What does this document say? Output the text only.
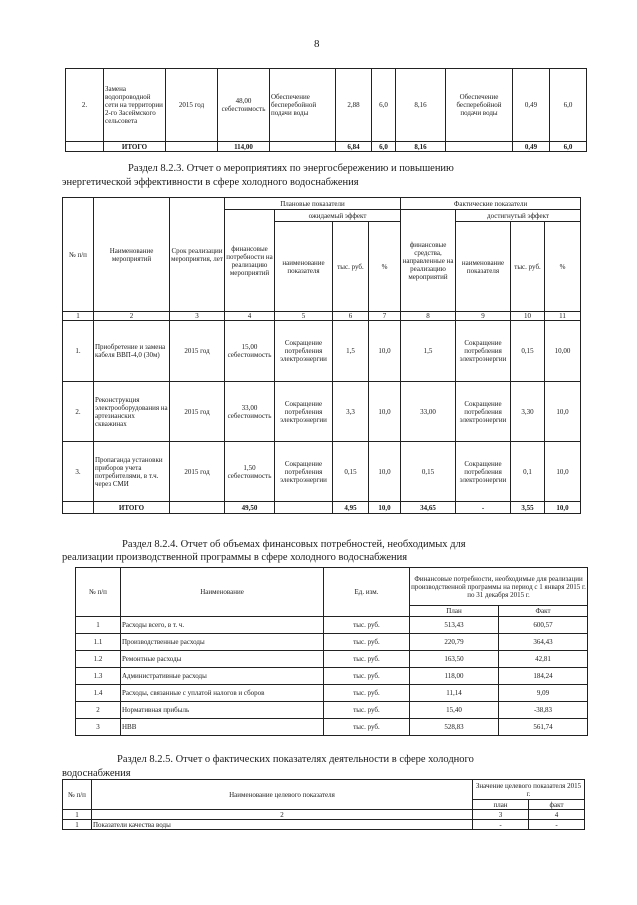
8
2.	Замена водопроводной сети на территории 2-го Засеймского сельсовета	2015 год	48,00 себестоимость	Обеспечение бесперебойной подачи воды	2,88	6,0	8,16	Обеспечение бесперебойной подачи воды	0,49	6,0
	ИТОГО		114,00		6,84	6,0	8,16		0,49	6,0
Раздел 8.2.3. Отчет о мероприятиях по энергосбережению и повышению
энергетической эффективности в сфере холодного водоснабжения
№ п/п	Наименование мероприятий	Срок реализации мероприятия, лет	Плановые показатели				Фактические показатели			
			финансовые потребности на реализацию мероприятий	ожидаемый эффект			финансовые средства, направленные на реализацию мероприятий	достигнутый эффект		
				наименование показателя	тыс. руб.	%		наименование показателя	тыс. руб.	%
1	2	3	4	5	6	7	8	9	10	11
1.	Приобретение и замена кабеля ВВП-4,0 (30м)	2015 год	15,00 себестоимость	Сокращение потребления электроэнергии	1,5	10,0	1,5	Сокращение потребления электроэнергии	0,15	10,00
2.	Реконструкция электрооборудования на артезианских скважинах	2015 год	33,00 себестоимость	Сокращение потребления электроэнергии	3,3	10,0	33,00	Сокращение потребления электроэнергии	3,30	10,0
3.	Пропаганда установки приборов учета потребителями, в т.ч. через СМИ	2015 год	1,50 себестоимость	Сокращение потребления электроэнергии	0,15	10,0	0,15	Сокращение потребления электроэнергии	0,1	10,0
	ИТОГО		49,50		4,95	10,0	34,65	-	3,55	10,0
Раздел 8.2.4. Отчет об объемах финансовых потребностей, необходимых для
реализации производственной программы в сфере холодного водоснабжения
№ п/п	Наименование	Ед. изм.	Финансовые потребности, необходимые для реализации производственной программы на период с 1 января 2015 г. по 31 декабря 2015 г.	
			План	Факт
1	Расходы всего, в т. ч.	тыс. руб.	513,43	600,57
1.1	Производственные расходы	тыс. руб.	220,79	364,43
1.2	Ремонтные расходы	тыс. руб.	163,50	42,81
1.3	Административные расходы	тыс. руб.	118,00	184,24
1.4	Расходы, связанные с уплатой налогов и сборов	тыс. руб.	11,14	9,09
2	Нормативная прибыль	тыс. руб.	15,40	-38,83
3	НВВ	тыс. руб.	528,83	561,74
Раздел 8.2.5. Отчет о фактических показателях деятельности в сфере холодного
водоснабжения
№ п/п	Наименование целевого показателя	Значение целевого показателя 2015 г.	
		план	факт
1	2	3	4
1	Показатели качества воды	-	-
